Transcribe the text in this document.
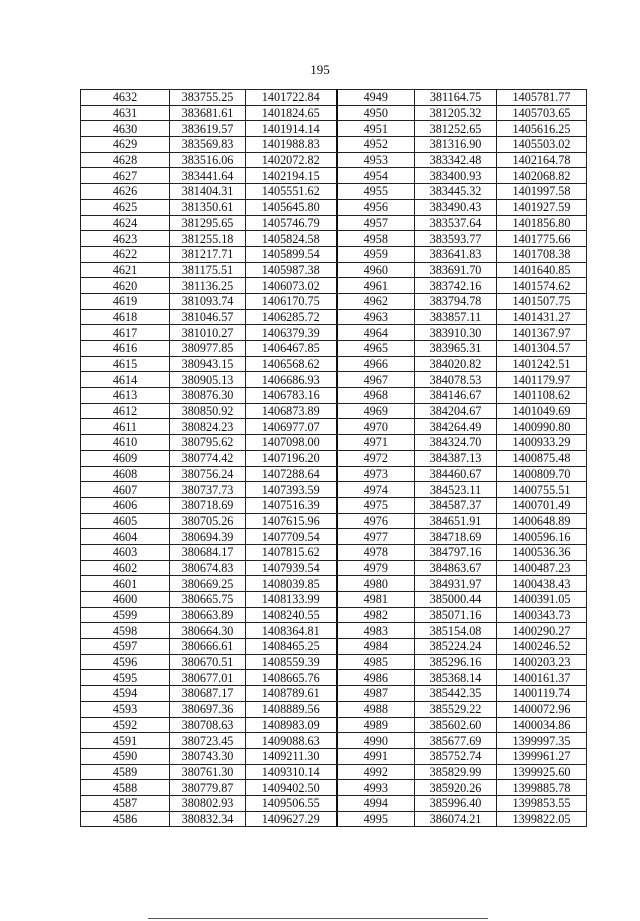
195
4632	383755.25	1401722.84	4949	381164.75	1405781.77
4631	383681.61	1401824.65	4950	381205.32	1405703.65
4630	383619.57	1401914.14	4951	381252.65	1405616.25
4629	383569.83	1401988.83	4952	381316.90	1405503.02
4628	383516.06	1402072.82	4953	383342.48	1402164.78
4627	383441.64	1402194.15	4954	383400.93	1402068.82
4626	381404.31	1405551.62	4955	383445.32	1401997.58
4625	381350.61	1405645.80	4956	383490.43	1401927.59
4624	381295.65	1405746.79	4957	383537.64	1401856.80
4623	381255.18	1405824.58	4958	383593.77	1401775.66
4622	381217.71	1405899.54	4959	383641.83	1401708.38
4621	381175.51	1405987.38	4960	383691.70	1401640.85
4620	381136.25	1406073.02	4961	383742.16	1401574.62
4619	381093.74	1406170.75	4962	383794.78	1401507.75
4618	381046.57	1406285.72	4963	383857.11	1401431.27
4617	381010.27	1406379.39	4964	383910.30	1401367.97
4616	380977.85	1406467.85	4965	383965.31	1401304.57
4615	380943.15	1406568.62	4966	384020.82	1401242.51
4614	380905.13	1406686.93	4967	384078.53	1401179.97
4613	380876.30	1406783.16	4968	384146.67	1401108.62
4612	380850.92	1406873.89	4969	384204.67	1401049.69
4611	380824.23	1406977.07	4970	384264.49	1400990.80
4610	380795.62	1407098.00	4971	384324.70	1400933.29
4609	380774.42	1407196.20	4972	384387.13	1400875.48
4608	380756.24	1407288.64	4973	384460.67	1400809.70
4607	380737.73	1407393.59	4974	384523.11	1400755.51
4606	380718.69	1407516.39	4975	384587.37	1400701.49
4605	380705.26	1407615.96	4976	384651.91	1400648.89
4604	380694.39	1407709.54	4977	384718.69	1400596.16
4603	380684.17	1407815.62	4978	384797.16	1400536.36
4602	380674.83	1407939.54	4979	384863.67	1400487.23
4601	380669.25	1408039.85	4980	384931.97	1400438.43
4600	380665.75	1408133.99	4981	385000.44	1400391.05
4599	380663.89	1408240.55	4982	385071.16	1400343.73
4598	380664.30	1408364.81	4983	385154.08	1400290.27
4597	380666.61	1408465.25	4984	385224.24	1400246.52
4596	380670.51	1408559.39	4985	385296.16	1400203.23
4595	380677.01	1408665.76	4986	385368.14	1400161.37
4594	380687.17	1408789.61	4987	385442.35	1400119.74
4593	380697.36	1408889.56	4988	385529.22	1400072.96
4592	380708.63	1408983.09	4989	385602.60	1400034.86
4591	380723.45	1409088.63	4990	385677.69	1399997.35
4590	380743.30	1409211.30	4991	385752.74	1399961.27
4589	380761.30	1409310.14	4992	385829.99	1399925.60
4588	380779.87	1409402.50	4993	385920.26	1399885.78
4587	380802.93	1409506.55	4994	385996.40	1399853.55
4586	380832.34	1409627.29	4995	386074.21	1399822.05
